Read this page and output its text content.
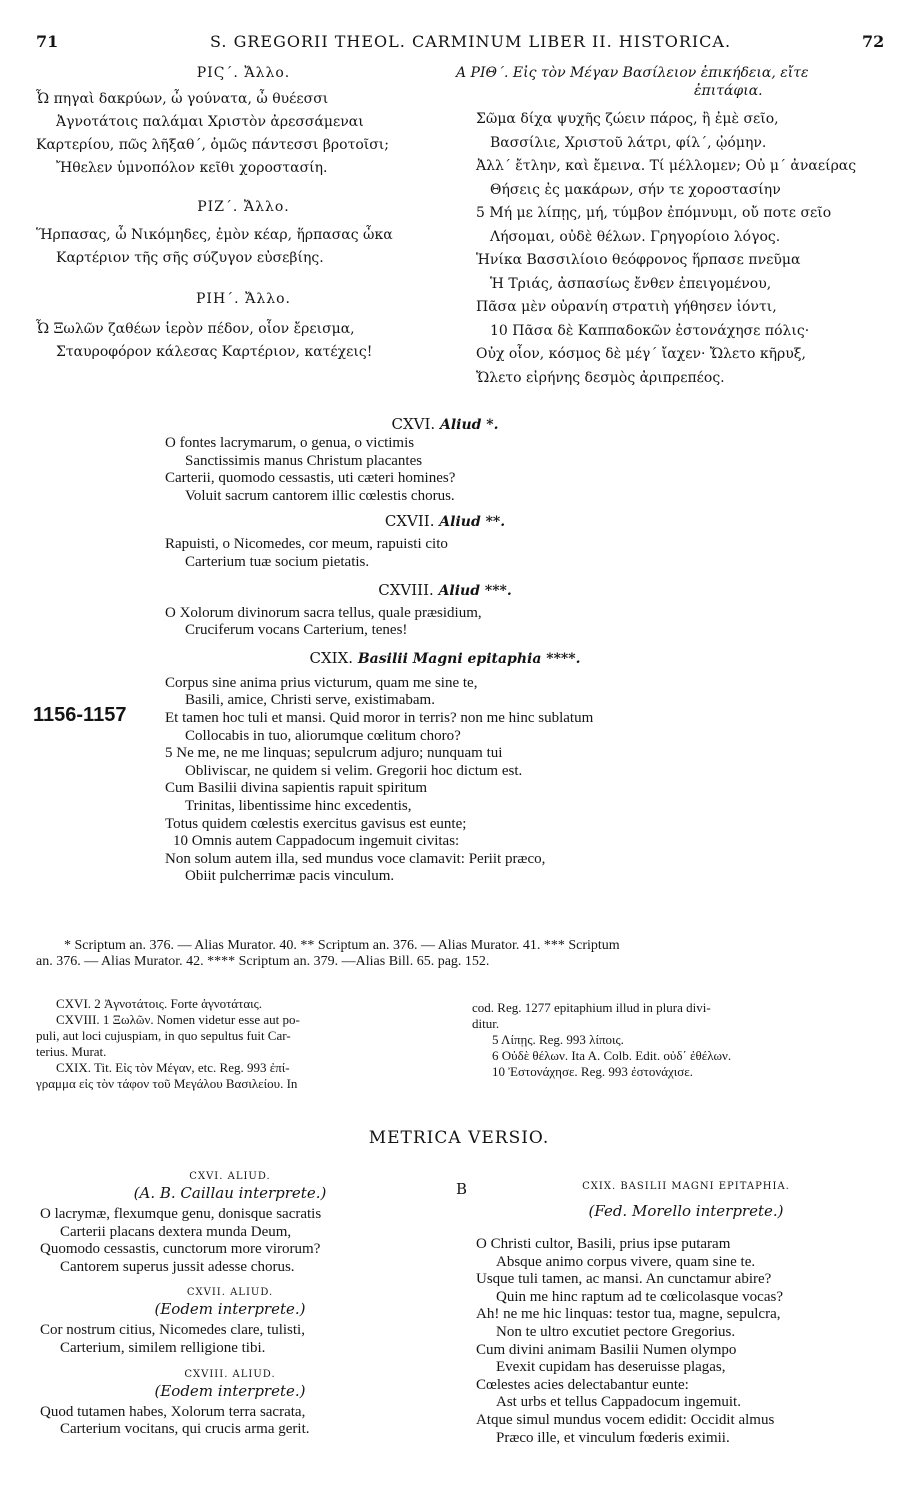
71	S. GREGORII THEOL. CARMINUM LIBER II. HISTORICA.	72
ΡΙϚ΄. Ἄλλο.
Ὦ πηγαὶ δακρύων, ὦ γούνατα, ὦ θυέεσσι
Ἀγνοτάτοις παλάμαι Χριστὸν ἀρεσσάμεναι
Καρτερίου, πῶς λῆξαθ΄, ὁμῶς πάντεσσι βροτοῖσι;
Ἤθελεν ὑμνοπόλον κεῖθι χοροστασίη.
ΡΙΖ΄. Ἄλλο.
Ἥρπασας, ὦ Νικόμηδες, ἐμὸν κέαρ, ἥρπασας ὦκα
Καρτέριον τῆς σῆς σύζυγον εὐσεβίης.
ΡΙΗ΄. Ἄλλο.
Ὦ Ξωλῶν ζαθέων ἱερὸν πέδον, οἷον ἔρεισμα,
Σταυροφόρον κάλεσας Καρτέριον, κατέχεις!
Α ΡΙΘ΄. Εἰς τὸν Μέγαν Βασίλειον ἐπικήδεια, εἴτε
ἐπιτάφια.
Σῶμα δίχα ψυχῆς ζώειν πάρος, ἢ ἐμὲ σεῖο,
Βασσίλιε, Χριστοῦ λάτρι, φίλ΄, ᾠόμην.
Ἀλλ΄ ἔτλην, καὶ ἔμεινα. Τί μέλλομεν; Οὐ μ΄ ἀναείρας
Θήσεις ἐς μακάρων, σήν τε χοροστασίην
5 Μή με λίπῃς, μή, τύμβον ἐπόμνυμι, οὔ ποτε σεῖο
Λήσομαι, οὐδὲ θέλων. Γρηγορίοιο λόγος.
Ἡνίκα Βασσιλίοιο θεόφρονος ἥρπασε πνεῦμα
Ἡ Τριάς, ἀσπασίως ἔνθεν ἐπειγομένου,
Πᾶσα μὲν οὐρανίη στρατιὴ γήθησεν ἰόντι,
10 Πᾶσα δὲ Καππαδοκῶν ἐστονάχησε πόλις·
Οὐχ οἷον, κόσμος δὲ μέγ΄ ἴαχεν· Ὤλετο κῆρυξ,
Ὤλετο εἰρήνης δεσμὸς ἀριπρεπέος.
CXVI. Aliud *.
O fontes lacrymarum, o genua, o victimis
Sanctissimis manus Christum placantes
Carterii, quomodo cessastis, uti cæteri homines?
Voluit sacrum cantorem illic cœlestis chorus.
CXVII. Aliud **.
Rapuisti, o Nicomedes, cor meum, rapuisti cito
Carterium tuæ socium pietatis.
CXVIII. Aliud ***.
O Xolorum divinorum sacra tellus, quale præsidium,
Cruciferum vocans Carterium, tenes!
CXIX. Basilii Magni epitaphia ****.
Corpus sine anima prius victurum, quam me sine te,
Basili, amice, Christi serve, existimabam.
1156-1157	Et tamen hoc tuli et mansi. Quid moror in terris? non me hinc sublatum
Collocabis in tuo, aliorumque cœlitum choro?
5 Ne me, ne me linquas; sepulcrum adjuro; nunquam tui
Obliviscar, ne quidem si velim. Gregorii hoc dictum est.
Cum Basilii divina sapientis rapuit spiritum
Trinitas, libentissime hinc excedentis,
Totus quidem cœlestis exercitus gavisus est eunte;
10 Omnis autem Cappadocum ingemuit civitas:
Non solum autem illa, sed mundus voce clamavit: Periit præco,
Obiit pulcherrimæ pacis vinculum.
* Scriptum an. 376. — Alias Murator. 40. ** Scriptum an. 376. — Alias Murator. 41. *** Scriptum
an. 376. — Alias Murator. 42. **** Scriptum an. 379. —Alias Bill. 65. pag. 152.
CXVI. 2 Ἀγνοτάτοις. Forte ἁγνοτάταις.
CXVIII. 1 Ξωλῶν. Nomen videtur esse aut po-
puli, aut loci cujuspiam, in quo sepultus fuit Car-
terius. Murat.
CXIX. Tit. Εἰς τὸν Μέγαν, etc. Reg. 993 ἐπί-
γραμμα εἰς τὸν τάφον τοῦ Μεγάλου Βασιλείου. In
cod. Reg. 1277 epitaphium illud in plura divi-
ditur.
5 Λίπῃς. Reg. 993 λίποις.
6 Οὐδὲ θέλων. Ita A. Colb. Edit. οὐδ΄ ἐθέλων.
10 Ἐστονάχησε. Reg. 993 ἐστονάχισε.
METRICA VERSIO.
CXVI. ALIUD.
(A. B. Caillau interprete.)
O lacrymæ, flexumque genu, donisque sacratis
Carterii placans dextera munda Deum,
Quomodo cessastis, cunctorum more virorum?
Cantorem superus jussit adesse chorus.
CXVII. ALIUD.
(Eodem interprete.)
Cor nostrum citius, Nicomedes clare, tulisti,
Carterium, similem relligione tibi.
CXVIII. ALIUD.
(Eodem interprete.)
Quod tutamen habes, Xolorum terra sacrata,
Carterium vocitans, qui crucis arma gerit.
B	CXIX. BASILII MAGNI EPITAPHIA.
(Fed. Morello interprete.)
O Christi cultor, Basili, prius ipse putaram
Absque animo corpus vivere, quam sine te.
Usque tuli tamen, ac mansi. An cunctamur abire?
Quin me hinc raptum ad te cœlicolasque vocas?
Ah! ne me hic linquas: testor tua, magne, sepulcra,
Non te ultro excutiet pectore Gregorius.
Cum divini animam Basilii Numen olympo
Evexit cupidam has deseruisse plagas,
Cœlestes acies delectabantur eunte:
Ast urbs et tellus Cappadocum ingemuit.
Atque simul mundus vocem edidit: Occidit almus
Præco ille, et vinculum fœderis eximii.
